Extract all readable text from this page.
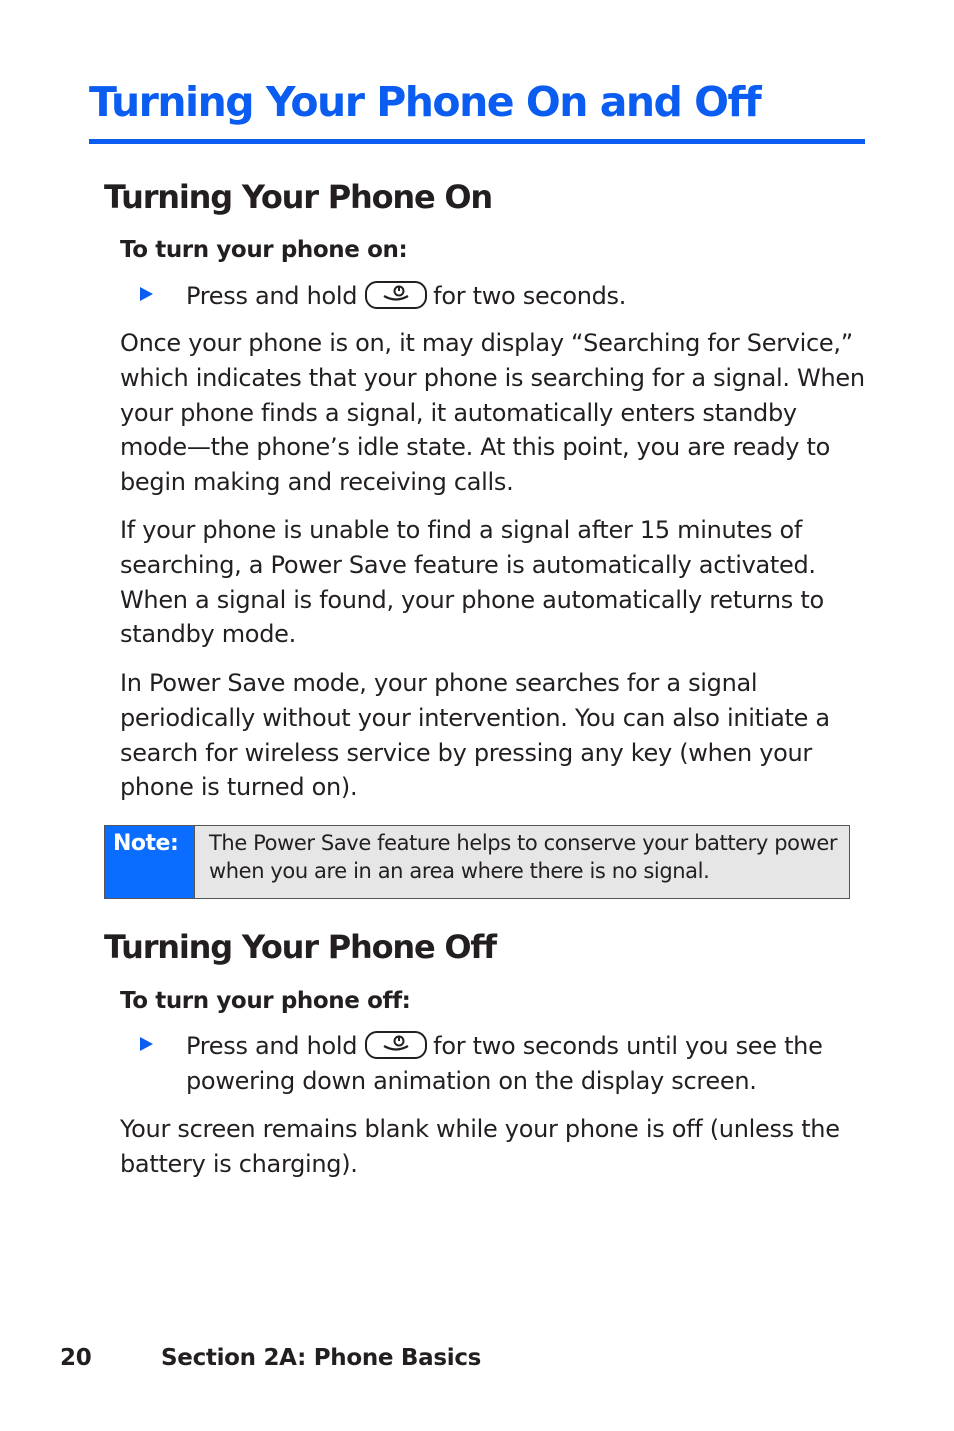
Turning Your Phone On and Off
Turning Your Phone On
To turn your phone on:
Press and hold	for two seconds.

Once your phone is on, it may display “Searching for Service,” which indicates that your phone is searching for a signal. When your phone finds a signal, it automatically enters standby mode—the phone’s idle state. At this point, you are ready to begin making and receiving calls.

If your phone is unable to find a signal after 15 minutes of searching, a Power Save feature is automatically activated. When a signal is found, your phone automatically returns to standby mode.

In Power Save mode, your phone searches for a signal periodically without your intervention. You can also initiate a search for wireless service by pressing any key (when your phone is turned on).

Note:	The Power Save feature helps to conserve your battery power when you are in an area where there is no signal.
Turning Your Phone Off
To turn your phone off:
Press and hold	for two seconds until you see the powering down animation on the display screen.

Your screen remains blank while your phone is off (unless the battery is charging).

20	Section 2A: Phone Basics
